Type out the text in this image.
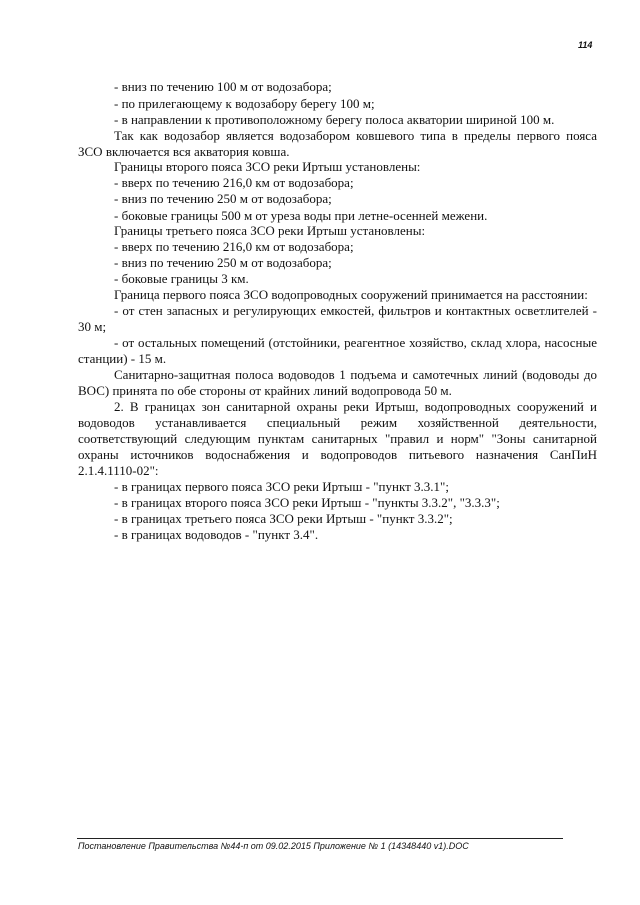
114
- вниз по течению 100 м от водозабора;
- по прилегающему к водозабору берегу 100 м;
- в направлении к противоположному берегу полоса акватории шириной 100 м.
Так как водозабор является водозабором ковшевого типа в пределы первого пояса
ЗСО включается вся акватория ковша.
Границы второго пояса ЗСО реки Иртыш установлены:
- вверх по течению 216,0 км от водозабора;
- вниз по течению 250 м от водозабора;
- боковые границы 500 м от уреза воды при летне-осенней межени.
Границы третьего пояса ЗСО реки Иртыш установлены:
- вверх по течению 216,0 км от водозабора;
- вниз по течению 250 м от водозабора;
- боковые границы 3 км.
Граница первого пояса ЗСО водопроводных сооружений принимается на расстоянии:
- от стен запасных и регулирующих емкостей, фильтров и контактных осветлителей -
30 м;
- от остальных помещений (отстойники, реагентное хозяйство, склад хлора, насосные
станции) - 15 м.
Санитарно-защитная полоса водоводов 1 подъема и самотечных линий (водоводы до
ВОС) принята по обе стороны от крайних линий водопровода 50 м.
2. В границах зон санитарной охраны реки Иртыш, водопроводных сооружений и
водоводов устанавливается специальный режим хозяйственной деятельности,
соответствующий следующим пунктам санитарных "правил и норм" "Зоны санитарной
охраны источников водоснабжения и водопроводов питьевого назначения СанПиН
2.1.4.1110-02":
- в границах первого пояса ЗСО реки Иртыш - "пункт 3.3.1";
- в границах второго пояса ЗСО реки Иртыш - "пункты 3.3.2", "3.3.3";
- в границах третьего пояса ЗСО реки Иртыш - "пункт 3.3.2";
- в границах водоводов - "пункт 3.4".
Постановление Правительства №44-п от 09.02.2015 Приложение № 1 (14348440 v1).DOC
